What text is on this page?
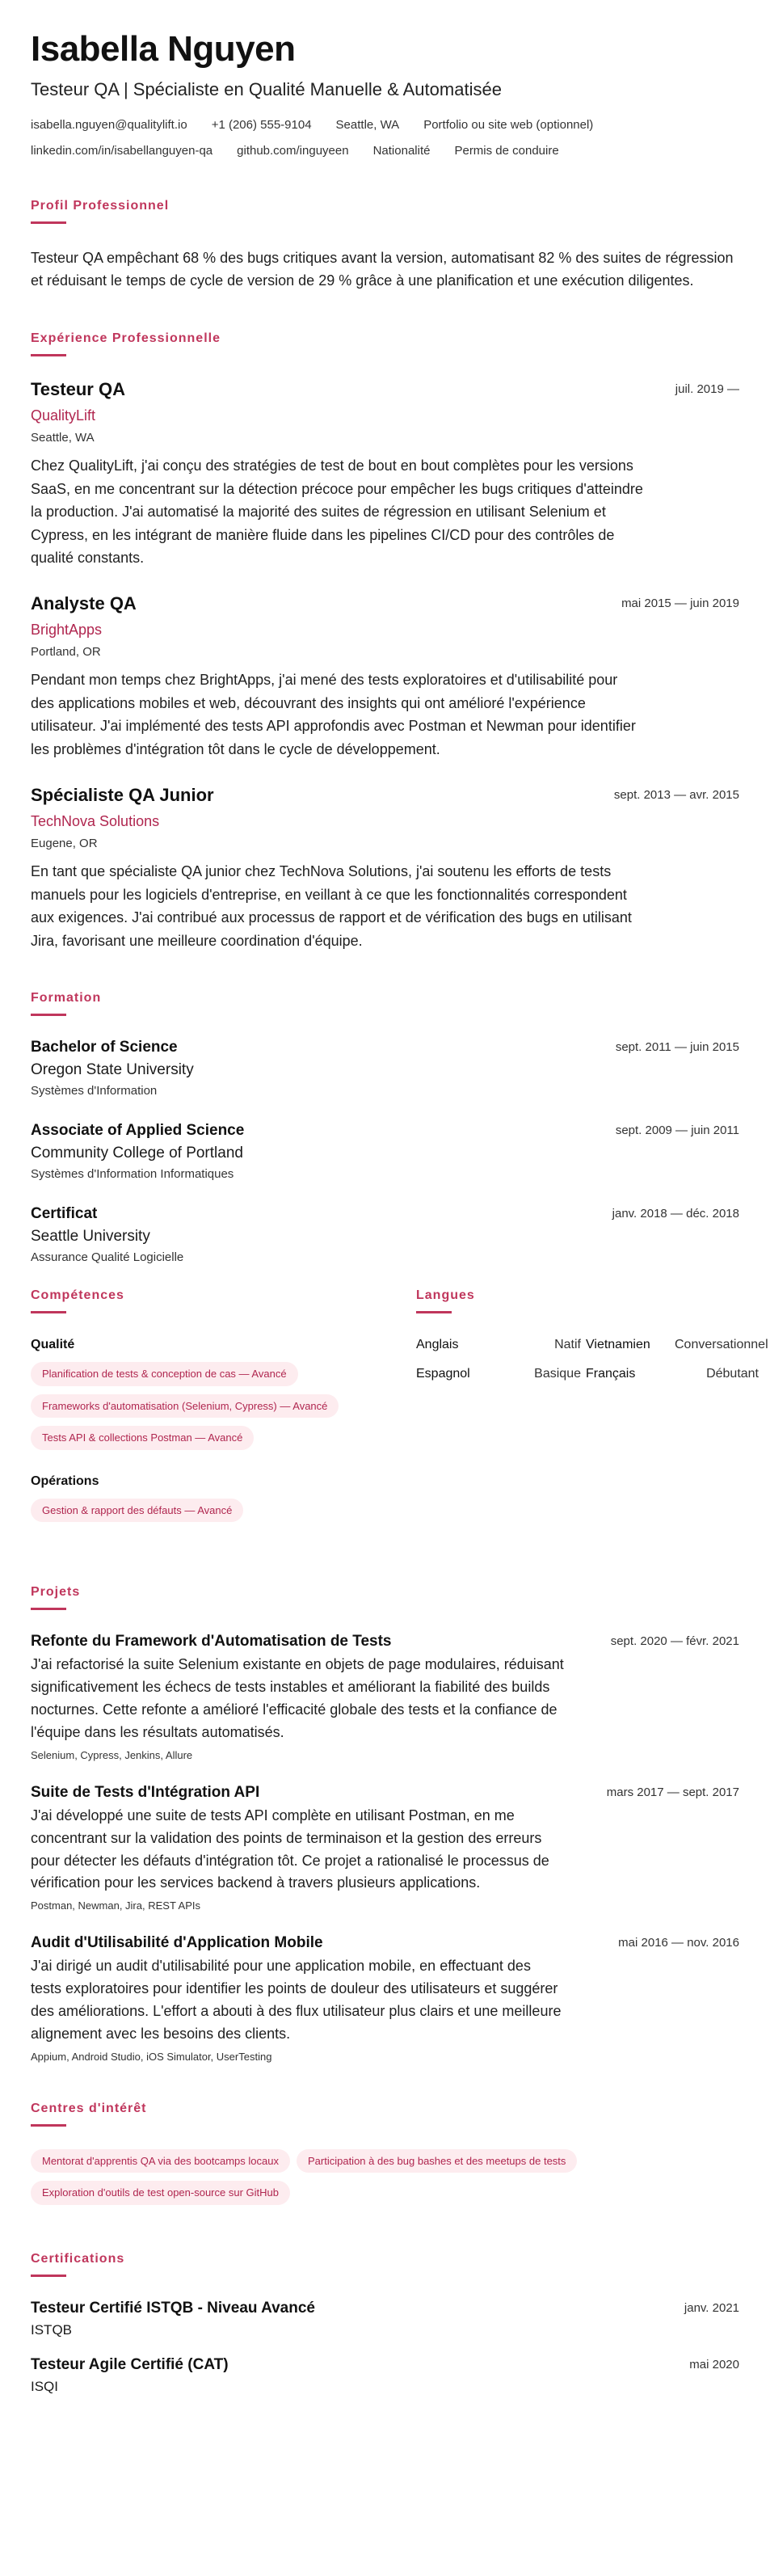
Isabella Nguyen
Testeur QA | Spécialiste en Qualité Manuelle & Automatisée
isabella.nguyen@qualitylift.io +1 (206) 555-9104 Seattle, WA Portfolio ou site web (optionnel)
linkedin.com/in/isabellanguyen-qa github.com/inguyeen Nationalité Permis de conduire
Profil Professionnel

Testeur QA empêchant 68 % des bugs critiques avant la version, automatisant 82 % des suites de régression et réduisant le temps de cycle de version de 29 % grâce à une planification et une exécution diligentes.

Expérience Professionnelle
Testeur QA	juil. 2019 —
QualityLift
Seattle, WA

Chez QualityLift, j'ai conçu des stratégies de test de bout en bout complètes pour les versions SaaS, en me concentrant sur la détection précoce pour empêcher les bugs critiques d'atteindre la production. J'ai automatisé la majorité des suites de régression en utilisant Selenium et Cypress, en les intégrant de manière fluide dans les pipelines CI/CD pour des contrôles de qualité constants.

Analyste QA	mai 2015 — juin 2019
BrightApps
Portland, OR

Pendant mon temps chez BrightApps, j'ai mené des tests exploratoires et d'utilisabilité pour des applications mobiles et web, découvrant des insights qui ont amélioré l'expérience utilisateur. J'ai implémenté des tests API approfondis avec Postman et Newman pour identifier les problèmes d'intégration tôt dans le cycle de développement.

Spécialiste QA Junior	sept. 2013 — avr. 2015
TechNova Solutions
Eugene, OR

En tant que spécialiste QA junior chez TechNova Solutions, j'ai soutenu les efforts de tests manuels pour les logiciels d'entreprise, en veillant à ce que les fonctionnalités correspondent aux exigences. J'ai contribué aux processus de rapport et de vérification des bugs en utilisant Jira, favorisant une meilleure coordination d'équipe.

Formation
Bachelor of Science	sept. 2011 — juin 2015
Oregon State University
Systèmes d'Information
Associate of Applied Science	sept. 2009 — juin 2011
Community College of Portland
Systèmes d'Information Informatiques
Certificat	janv. 2018 — déc. 2018
Seattle University
Assurance Qualité Logicielle
Compétences
Qualité
Planification de tests & conception de cas — Avancé
Frameworks d'automatisation (Selenium, Cypress) — Avancé
Tests API & collections Postman — Avancé
Opérations
Gestion & rapport des défauts — Avancé
Langues
Anglais	Natif Vietnamien	Conversationnel
Espagnol	Basique Français	Débutant
Projets
Refonte du Framework d'Automatisation de Tests	sept. 2020 — févr. 2021

J'ai refactorisé la suite Selenium existante en objets de page modulaires, réduisant significativement les échecs de tests instables et améliorant la fiabilité des builds nocturnes. Cette refonte a amélioré l'efficacité globale des tests et la confiance de l'équipe dans les résultats automatisés.

Selenium, Cypress, Jenkins, Allure
Suite de Tests d'Intégration API	mars 2017 — sept. 2017

J'ai développé une suite de tests API complète en utilisant Postman, en me concentrant sur la validation des points de terminaison et la gestion des erreurs pour détecter les défauts d'intégration tôt. Ce projet a rationalisé le processus de vérification pour les services backend à travers plusieurs applications.

Postman, Newman, Jira, REST APIs
Audit d'Utilisabilité d'Application Mobile	mai 2016 — nov. 2016

J'ai dirigé un audit d'utilisabilité pour une application mobile, en effectuant des tests exploratoires pour identifier les points de douleur des utilisateurs et suggérer des améliorations. L'effort a abouti à des flux utilisateur plus clairs et une meilleure alignement avec les besoins des clients.

Appium, Android Studio, iOS Simulator, UserTesting
Centres d'intérêt
Mentorat d'apprentis QA via des bootcamps locaux	Participation à des bug bashes et des meetups de tests
Exploration d'outils de test open-source sur GitHub
Certifications
Testeur Certifié ISTQB - Niveau Avancé	janv. 2021
ISTQB
Testeur Agile Certifié (CAT)	mai 2020
ISQI
